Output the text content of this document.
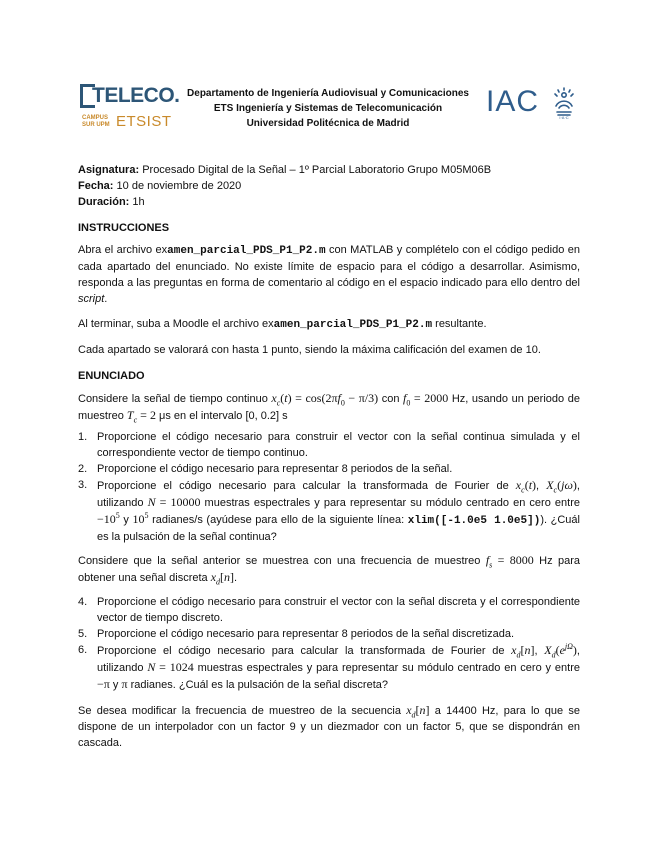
TELECO.
CAMPUS
SUR UPM ETSIST
Departamento de Ingeniería Audiovisual y Comunicaciones
ETS Ingeniería y Sistemas de Telecomunicación
Universidad Politécnica de Madrid
IAC	I·A·C
Asignatura: Procesado Digital de la Señal – 1º Parcial Laboratorio Grupo M05M06B
Fecha: 10 de noviembre de 2020
Duración: 1h
INSTRUCCIONES
Abra el archivo examen_parcial_PDS_P1_P2.m con MATLAB y complételo con el código pedido en cada apartado del enunciado. No existe límite de espacio para el código a desarrollar. Asimismo, responda a las preguntas en forma de comentario al código en el espacio indicado para ello dentro del script.
Al terminar, suba a Moodle el archivo examen_parcial_PDS_P1_P2.m resultante.
Cada apartado se valorará con hasta 1 punto, siendo la máxima calificación del examen de 10.
ENUNCIADO
Considere la señal de tiempo continuo $x_c(t) = \cos(2\pi f_0 - \pi/3)$ con $f_0 = 2000$ Hz, usando un periodo de muestreo $T_c = 2$ μs en el intervalo [0, 0.2] s
1. Proporcione el código necesario para construir el vector con la señal continua simulada y el correspondiente vector de tiempo continuo.
2. Proporcione el código necesario para representar 8 periodos de la señal.
3. Proporcione el código necesario para calcular la transformada de Fourier de $x_c(t)$, $X_c(j\omega)$, utilizando N = 10000 muestras espectrales y para representar su módulo centrado en cero entre $-10^5$ y $10^5$ radianes/s (ayúdese para ello de la siguiente línea: xlim([-1.0e5 1.0e5])). ¿Cuál es la pulsación de la señal continua?
Considere que la señal anterior se muestrea con una frecuencia de muestreo $f_s = 8000$ Hz para obtener una señal discreta $x_d[n]$.
4. Proporcione el código necesario para construir el vector con la señal discreta y el correspondiente vector de tiempo discreto.
5. Proporcione el código necesario para representar 8 periodos de la señal discretizada.
6. Proporcione el código necesario para calcular la transformada de Fourier de $x_d[n]$, $X_d(e^{j\Omega})$, utilizando N = 1024 muestras espectrales y para representar su módulo centrado en cero y entre −π y π radianes. ¿Cuál es la pulsación de la señal discreta?
Se desea modificar la frecuencia de muestreo de la secuencia $x_d[n]$ a 14400 Hz, para lo que se dispone de un interpolador con un factor 9 y un diezmador con un factor 5, que se dispondrán en cascada.
